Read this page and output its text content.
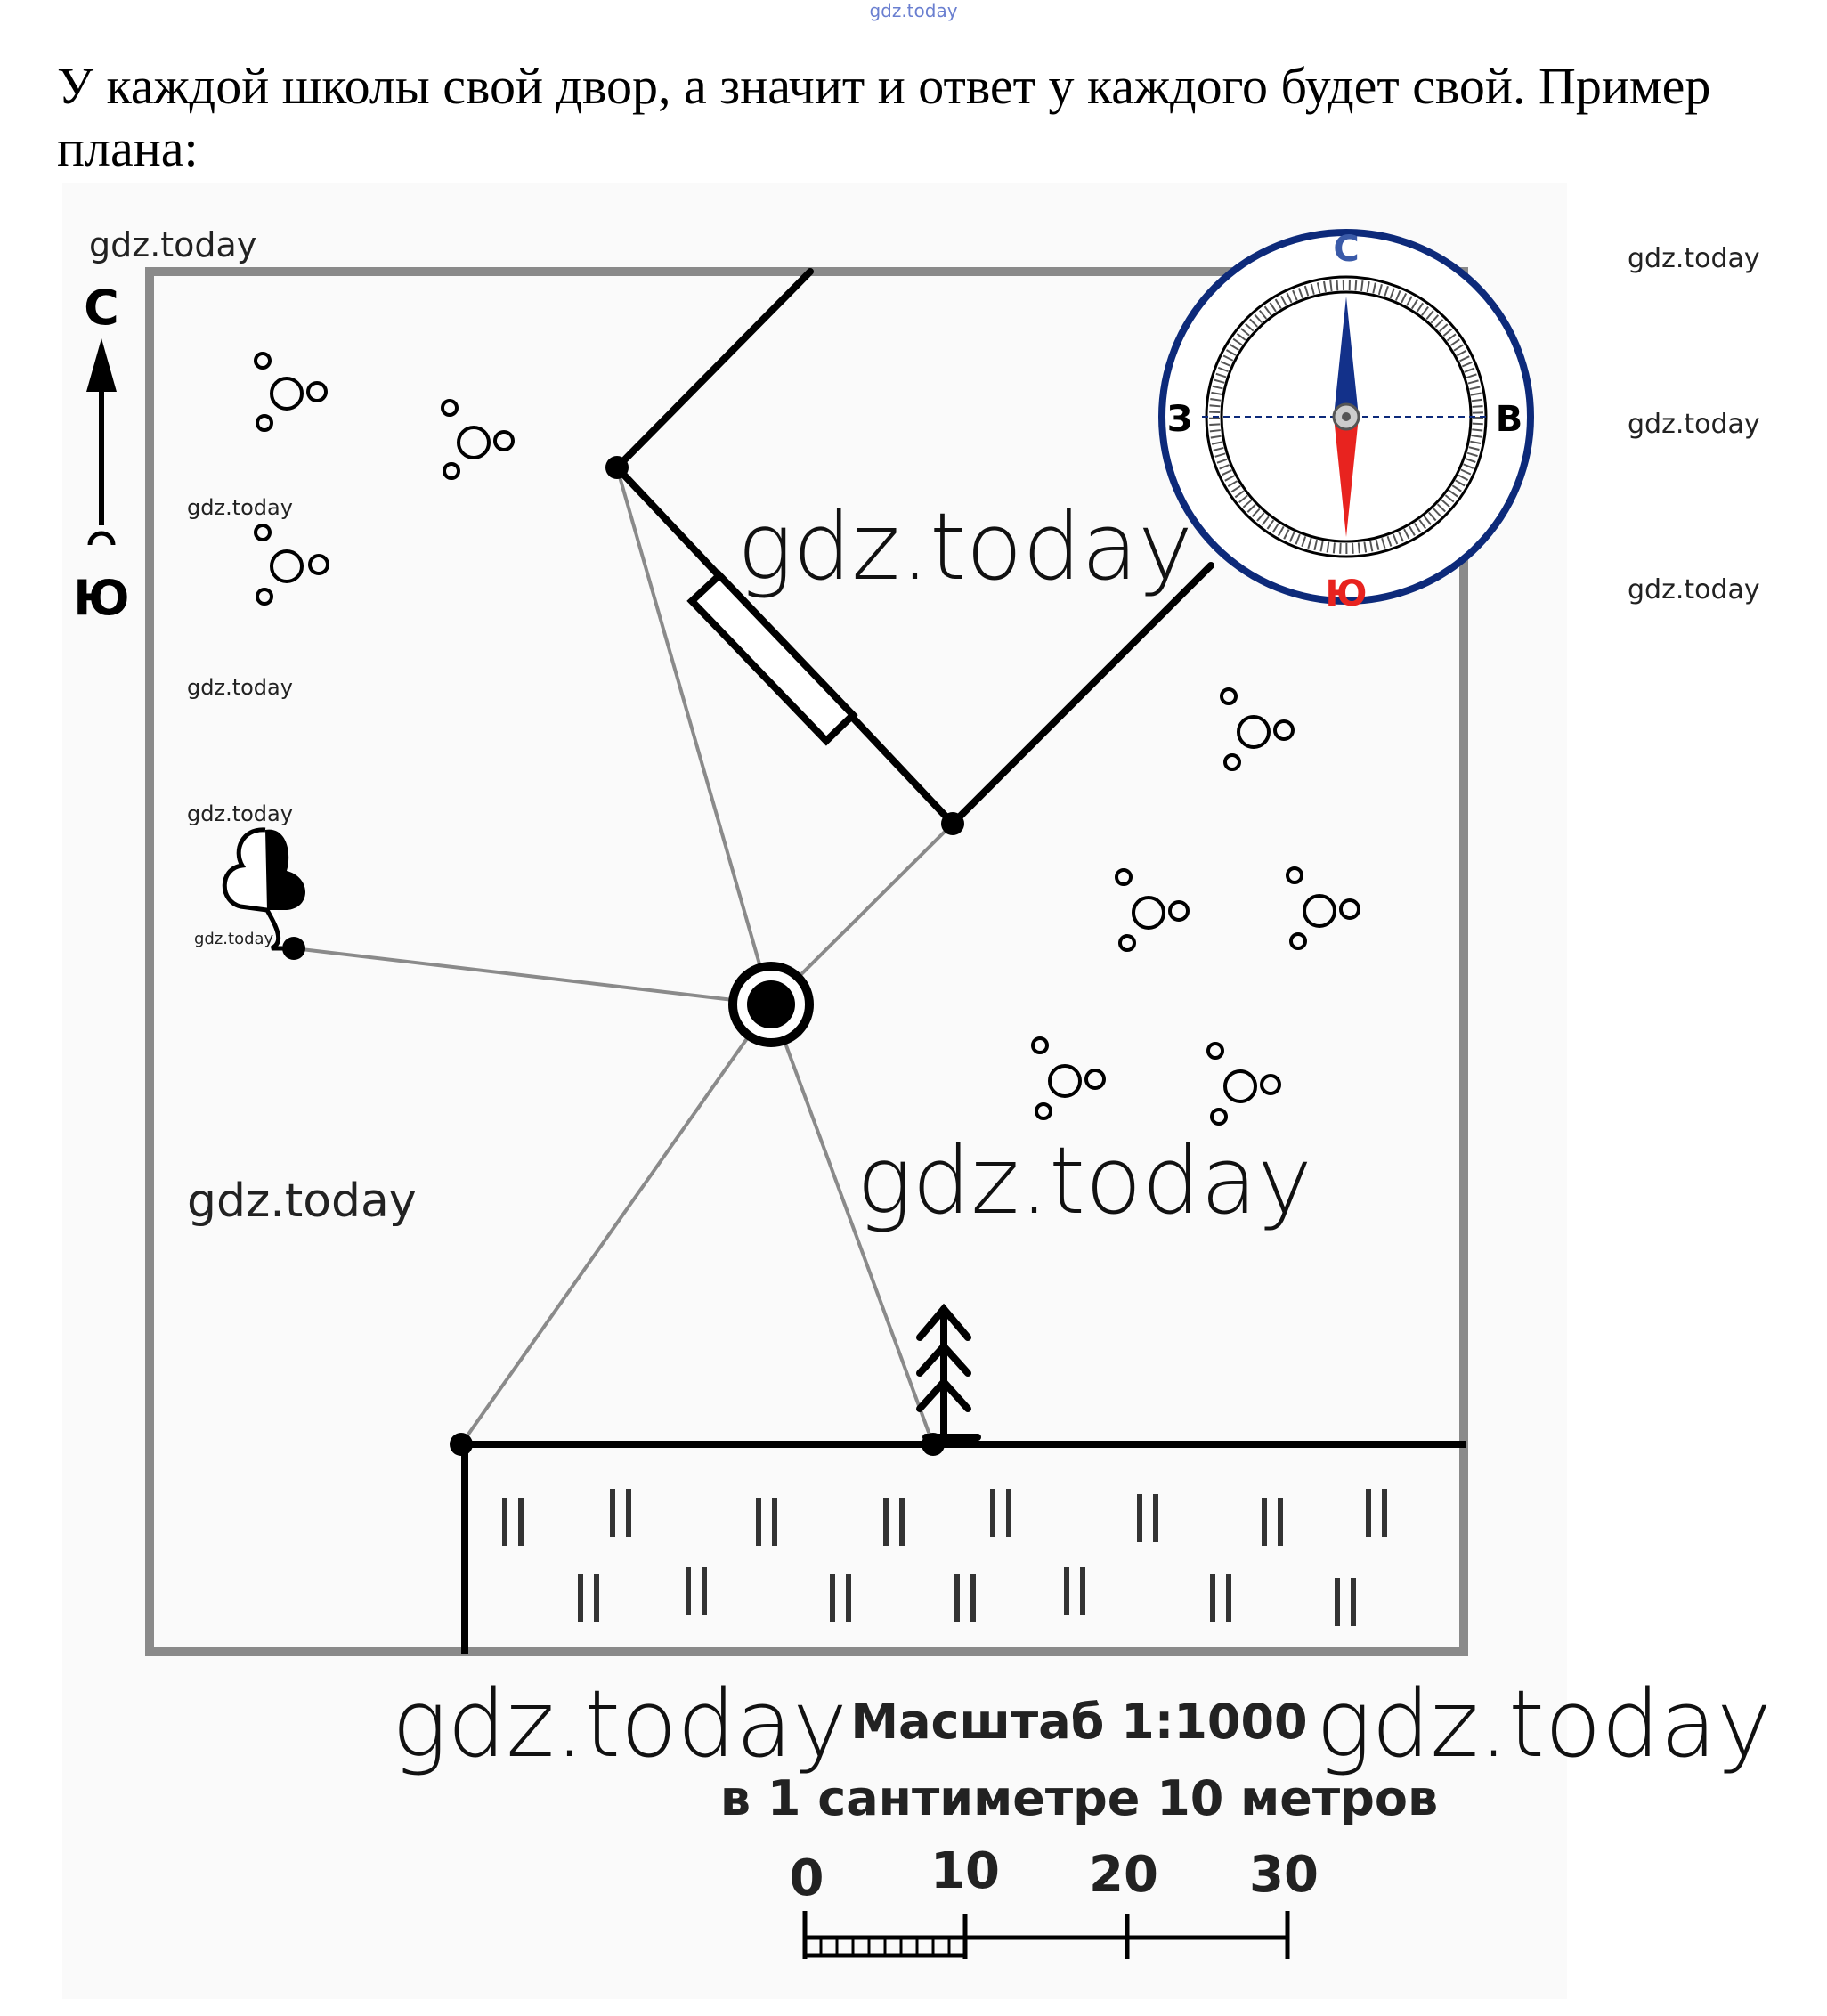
gdz.today
У каждой школы свой двор, а значит и ответ у каждого будет свой. Пример плана:
С
Ю
С
Ю
З	В
Масштаб 1:1000
в 1 сантиметре 10 метров
0 10 20 30
gdz.today	gdz.today
gdz.today
gdz.today
gdz.today
gdz.today
gdz.today
gdz.today
gdz.today
gdz.today
gdz.today
gdz.today	gdz.today
